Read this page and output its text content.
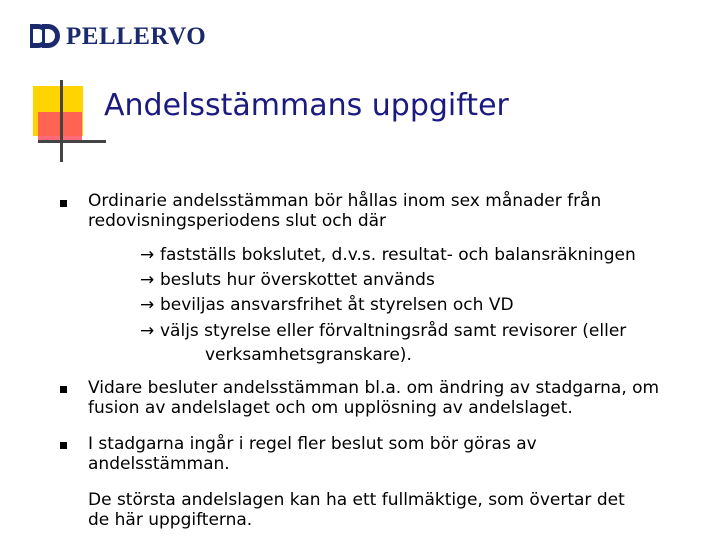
PELLERVO
Andelsstämmans uppgifter
Ordinarie andelsstämman bör hållas inom sex månader från
redovisningsperiodens slut och där
→ fastställs bokslutet, d.v.s. resultat- och balansräkningen
→ besluts hur överskottet används
→ beviljas ansvarsfrihet åt styrelsen och VD
→ väljs styrelse eller förvaltningsråd samt revisorer (eller
verksamhetsgranskare).
Vidare besluter andelsstämman bl.a. om ändring av stadgarna, om
fusion av andelslaget och om upplösning av andelslaget.
I stadgarna ingår i regel fler beslut som bör göras av
andelsstämman.
De största andelslagen kan ha ett fullmäktige, som övertar det
de här uppgifterna.
